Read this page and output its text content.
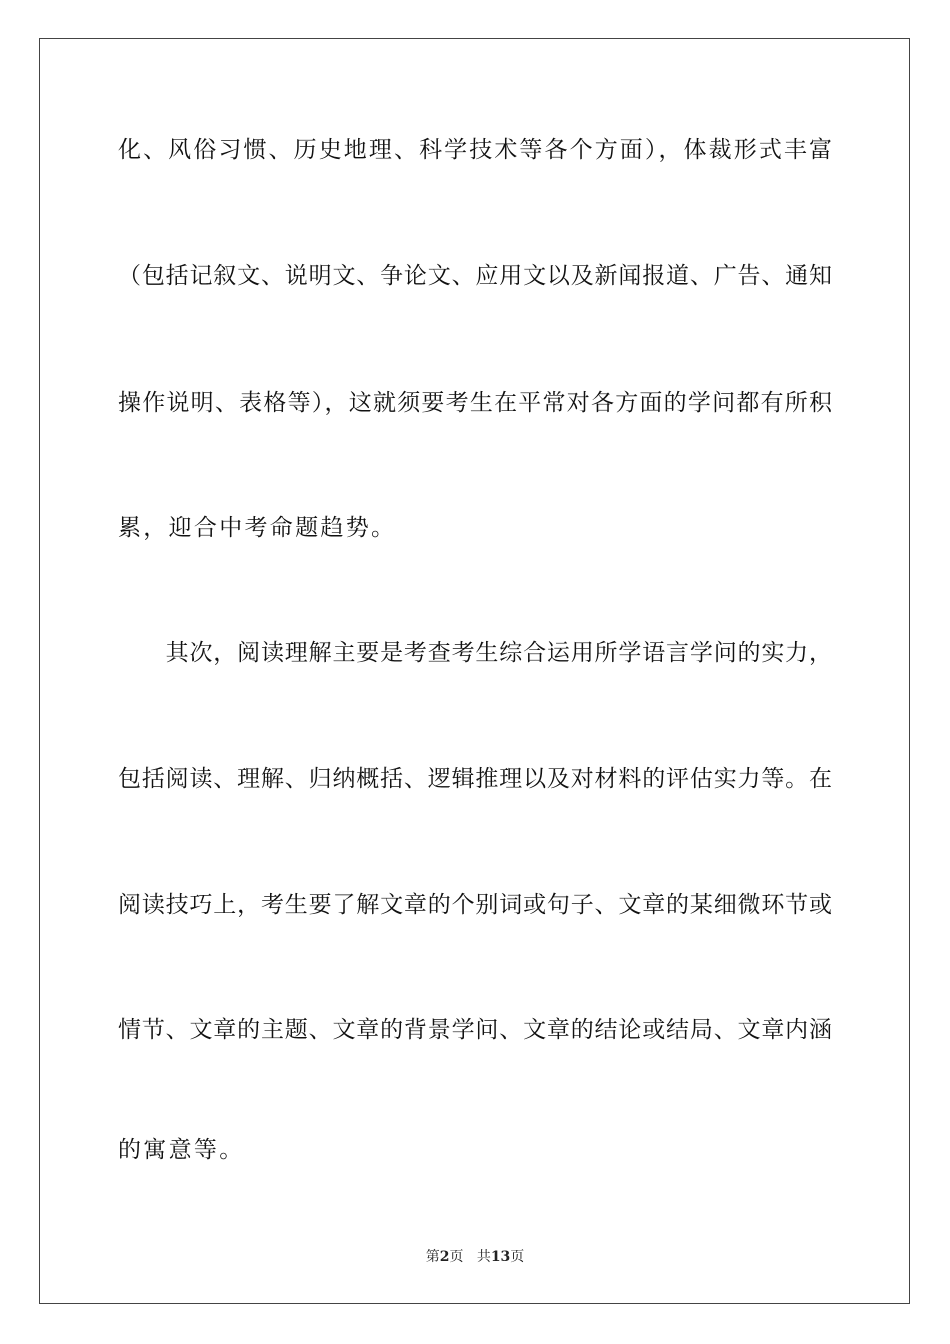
化、风俗习惯、历史地理、科学技术等各个方面），体裁形式丰富
（包括记叙文、说明文、争论文、应用文以及新闻报道、广告、通知
操作说明、表格等），这就须要考生在平常对各方面的学问都有所积
累，迎合中考命题趋势。
　　其次，阅读理解主要是考查考生综合运用所学语言学问的实力，
包括阅读、理解、归纳概括、逻辑推理以及对材料的评估实力等。在
阅读技巧上，考生要了解文章的个别词或句子、文章的某细微环节或
情节、文章的主题、文章的背景学问、文章的结论或结局、文章内涵
的寓意等。
第2页 共13页
